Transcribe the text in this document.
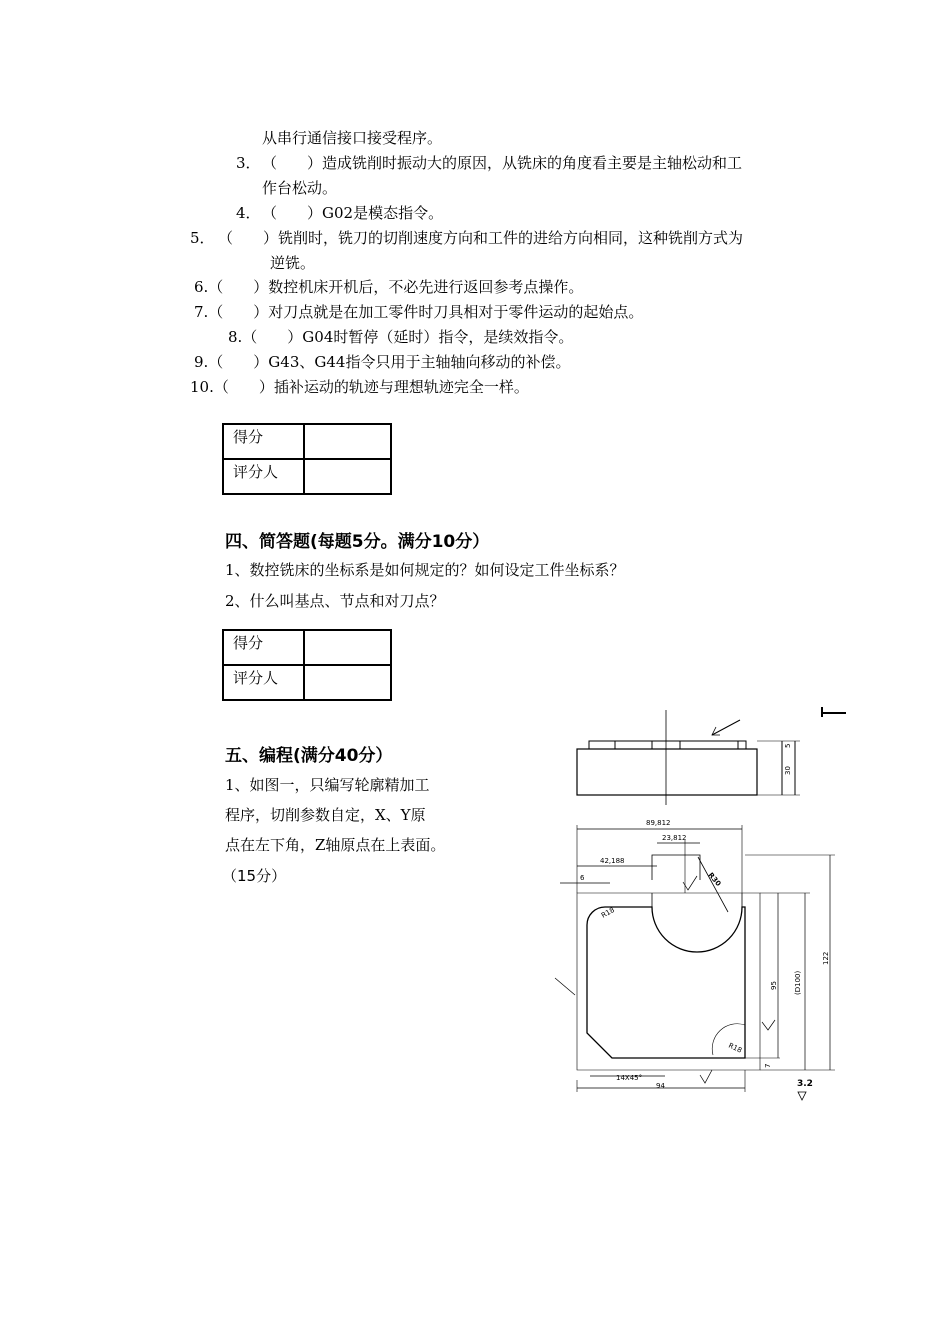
从串行通信接口接受程序。
3． （　　）造成铣削时振动大的原因，从铣床的角度看主要是主轴松动和工
作台松动。
4． （　　）G02是模态指令。
5． （　　）铣削时，铣刀的切削速度方向和工件的进给方向相同，这种铣削方式为
逆铣。
6.（　　）数控机床开机后，不必先进行返回参考点操作。
7.（　　）对刀点就是在加工零件时刀具相对于零件运动的起始点。
8.（　　）G04时暂停（延时）指令，是续效指令。
9.（　　）G43、G44指令只用于主轴轴向移动的补偿。
10.（　　）插补运动的轨迹与理想轨迹完全一样。
得分	
评分人	
四、简答题(每题5分。满分10分）
1、数控铣床的坐标系是如何规定的？如何设定工件坐标系？
2、什么叫基点、节点和对刀点？
得分	
评分人	
五、编程(满分40分）
1、如图一，只编写轮廓精加工
程序，切削参数自定，X、Y原
点在左下角，Z轴原点在上表面。
（15分）
5
30
89,812
23,812
42,188
6	R30
R18
95 (D100)
122
R18
7
14X45°
94	3.2
